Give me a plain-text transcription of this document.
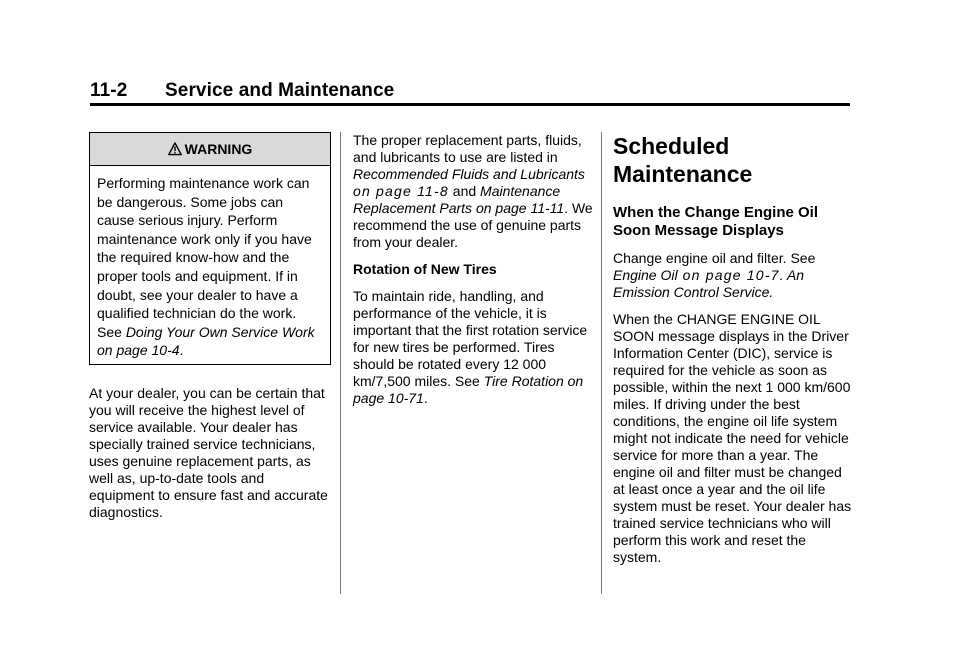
11-2 Service and Maintenance
WARNING
Performing maintenance work can be dangerous. Some jobs can cause serious injury. Perform maintenance work only if you have the required know-how and the proper tools and equipment. If in doubt, see your dealer to have a qualified technician do the work. See Doing Your Own Service Work on page 10-4.

At your dealer, you can be certain that you will receive the highest level of service available. Your dealer has specially trained service technicians, uses genuine replacement parts, as well as, up-to-date tools and equipment to ensure fast and accurate diagnostics.

The proper replacement parts, fluids, and lubricants to use are listed in Recommended Fluids and Lubricants on page 11-8 and Maintenance Replacement Parts on page 11-11. We recommend the use of genuine parts from your dealer.

Rotation of New Tires

To maintain ride, handling, and performance of the vehicle, it is important that the first rotation service for new tires be performed. Tires should be rotated every 12 000 km/7,500 miles. See Tire Rotation on page 10-71.

Scheduled Maintenance
When the Change Engine Oil Soon Message Displays

Change engine oil and filter. See Engine Oil on page 10-7. An Emission Control Service.

When the CHANGE ENGINE OIL SOON message displays in the Driver Information Center (DIC), service is required for the vehicle as soon as possible, within the next 1 000 km/600 miles. If driving under the best conditions, the engine oil life system might not indicate the need for vehicle service for more than a year. The engine oil and filter must be changed at least once a year and the oil life system must be reset. Your dealer has trained service technicians who will perform this work and reset the system.
